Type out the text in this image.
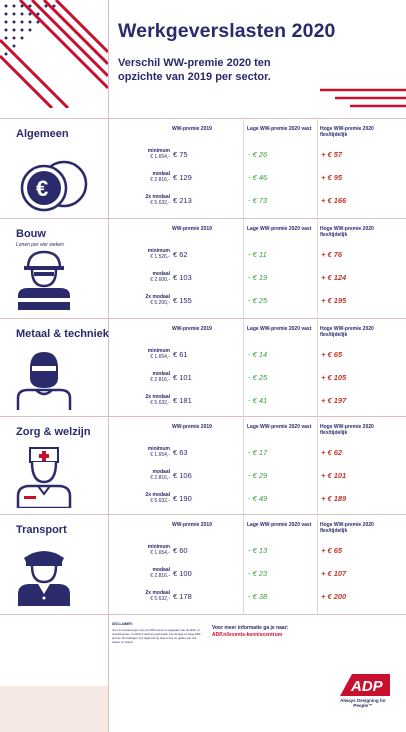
Werkgeverslasten 2020
Verschil WW-premie 2020 ten opzichte van 2019 per sector.
Algemeen
€
WW-premie 2019	Lage WW-premie 2020 vast	Hoge WW-premie 2020 flex/tijdelijk
minimum
€ 1.654,- € 75	- € 26	+ € 57
modaal
€ 2.816,- € 129	- € 46	+ € 95
2x modaal
€ 5.632,- € 213	- € 73	+ € 166
Bouw
Lonen per vier weken
WW-premie 2019	Lage WW-premie 2020 vast	Hoge WW-premie 2020 flex/tijdelijk
minimum
€ 1.526,- € 62	- € 11	+ € 76
modaal
€ 2.600,- € 103	- € 19	+ € 124
2x modaal
€ 5.200,- € 155	- € 25	+ € 195
Metaal & techniek	WW-premie 2019	Lage WW-premie 2020 vast	Hoge WW-premie 2020 flex/tijdelijk
minimum
€ 1.654,- € 61	- € 14	+ € 65
modaal
€ 2.816,- € 101	- € 25	+ € 105
2x modaal
€ 5.632,- € 181	- € 41	+ € 197
Zorg & welzijn	WW-premie 2019	Lage WW-premie 2020 vast	Hoge WW-premie 2020 flex/tijdelijk
minimum
€ 1.654,- € 63	- € 17	+ € 62
modaal
€ 2.816,- € 106	- € 29	+ € 101
2x modaal
€ 5.632,- € 190	- € 49	+ € 189
Transport	WW-premie 2019	Lage WW-premie 2020 vast	Hoge WW-premie 2020 flex/tijdelijk
minimum
€ 1.654,- € 60	- € 13	+ € 65
modaal
€ 2.816,- € 100	- € 23	+ € 107
2x modaal
€ 5.632,- € 178	- € 38	+ € 200
DISCLAIMER:
Voor de berekeningen van de WW-premie is uitgegaan van de ADP- en sectorpremies. In 2019 is rekening gehouden met de lage en hoge WW-premie. De bedragen zijn afgerond op hele euro's en gelden per vier weken of maand.
Voor meer informatie ga je naar:
ADP.nl/events-kenniscentrum
ADP
Always Designing for People™
